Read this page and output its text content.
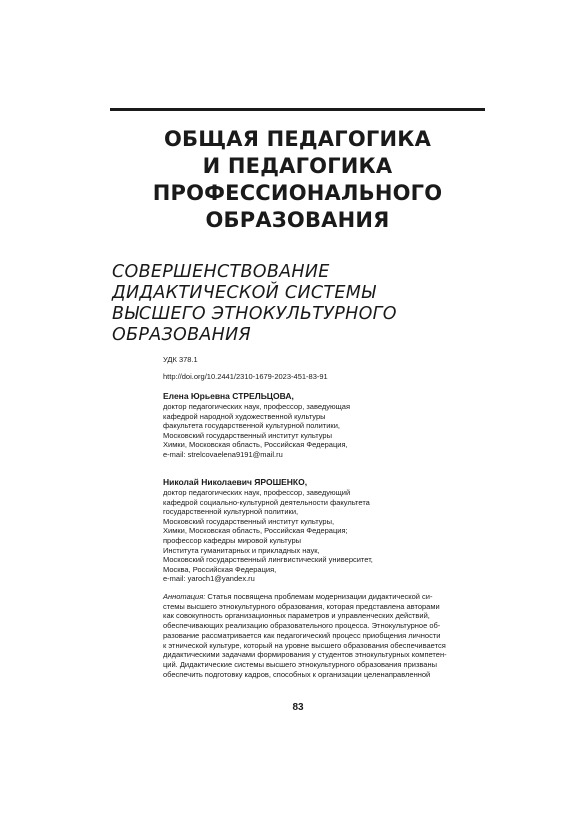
ОБЩАЯ ПЕДАГОГИКА
И ПЕДАГОГИКА
ПРОФЕССИОНАЛЬНОГО
ОБРАЗОВАНИЯ
СОВЕРШЕНСТВОВАНИЕ
ДИДАКТИЧЕСКОЙ СИСТЕМЫ
ВЫСШЕГО ЭТНОКУЛЬТУРНОГО
ОБРАЗОВАНИЯ
УДК 378.1
http://doi.org/10.2441/2310-1679-2023-451-83-91
Елена Юрьевна СТРЕЛЬЦОВА,
доктор педагогических наук, профессор, заведующая
кафедрой народной художественной культуры
факультета государственной культурной политики,
Московский государственный институт культуры
Химки, Московская область, Российская Федерация,
e-mail: strelcovaelena9191@mail.ru
Николай Николаевич ЯРОШЕНКО,
доктор педагогических наук, профессор, заведующий
кафедрой социально-культурной деятельности факультета
государственной культурной политики,
Московский государственный институт культуры,
Химки, Московская область, Российская Федерация;
профессор кафедры мировой культуры
Института гуманитарных и прикладных наук,
Московский государственный лингвистический университет,
Москва, Российская Федерация,
e-mail: yaroch1@yandex.ru
Аннотация: Статья посвящена проблемам модернизации дидактической си-
стемы высшего этнокультурного образования, которая представлена авторами
как совокупность организационных параметров и управленческих действий,
обеспечивающих реализацию образовательного процесса. Этнокультурное об-
разование рассматривается как педагогический процесс приобщения личности
к этнической культуре, который на уровне высшего образования обеспечивается
дидактическими задачами формирования у студентов этнокультурных компетен-
ций. Дидактические системы высшего этнокультурного образования призваны
обеспечить подготовку кадров, способных к организации целенаправленной
83
